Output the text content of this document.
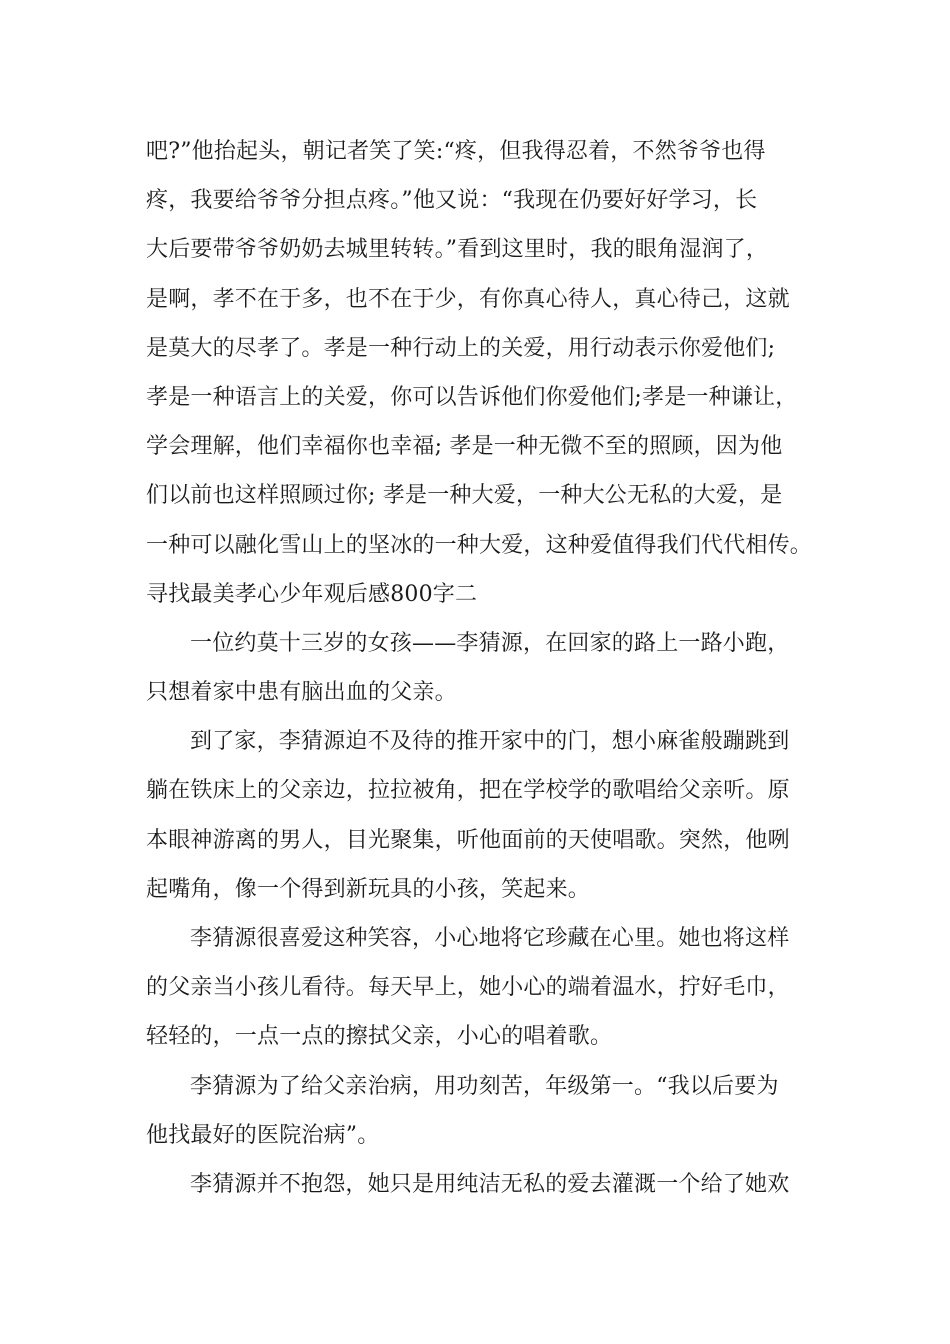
吧?”他抬起头，朝记者笑了笑:“疼，但我得忍着，不然爷爷也得
疼，我要给爷爷分担点疼。”他又说：“我现在仍要好好学习，长
大后要带爷爷奶奶去城里转转。”看到这里时，我的眼角湿润了，
是啊，孝不在于多，也不在于少，有你真心待人，真心待己，这就
是莫大的尽孝了。孝是一种行动上的关爱，用行动表示你爱他们;
孝是一种语言上的关爱，你可以告诉他们你爱他们;孝是一种谦让，
学会理解，他们幸福你也幸福; 孝是一种无微不至的照顾，因为他
们以前也这样照顾过你; 孝是一种大爱，一种大公无私的大爱，是
一种可以融化雪山上的坚冰的一种大爱，这种爱值得我们代代相传。
寻找最美孝心少年观后感800字二
一位约莫十三岁的女孩——李猜源，在回家的路上一路小跑，
只想着家中患有脑出血的父亲。
到了家，李猜源迫不及待的推开家中的门，想小麻雀般蹦跳到
躺在铁床上的父亲边，拉拉被角，把在学校学的歌唱给父亲听。原
本眼神游离的男人，目光聚集，听他面前的天使唱歌。突然，他咧
起嘴角，像一个得到新玩具的小孩，笑起来。
李猜源很喜爱这种笑容，小心地将它珍藏在心里。她也将这样
的父亲当小孩儿看待。每天早上，她小心的端着温水，拧好毛巾，
轻轻的，一点一点的擦拭父亲，小心的唱着歌。
李猜源为了给父亲治病，用功刻苦，年级第一。“我以后要为
他找最好的医院治病”。
李猜源并不抱怨，她只是用纯洁无私的爱去灌溉一个给了她欢
